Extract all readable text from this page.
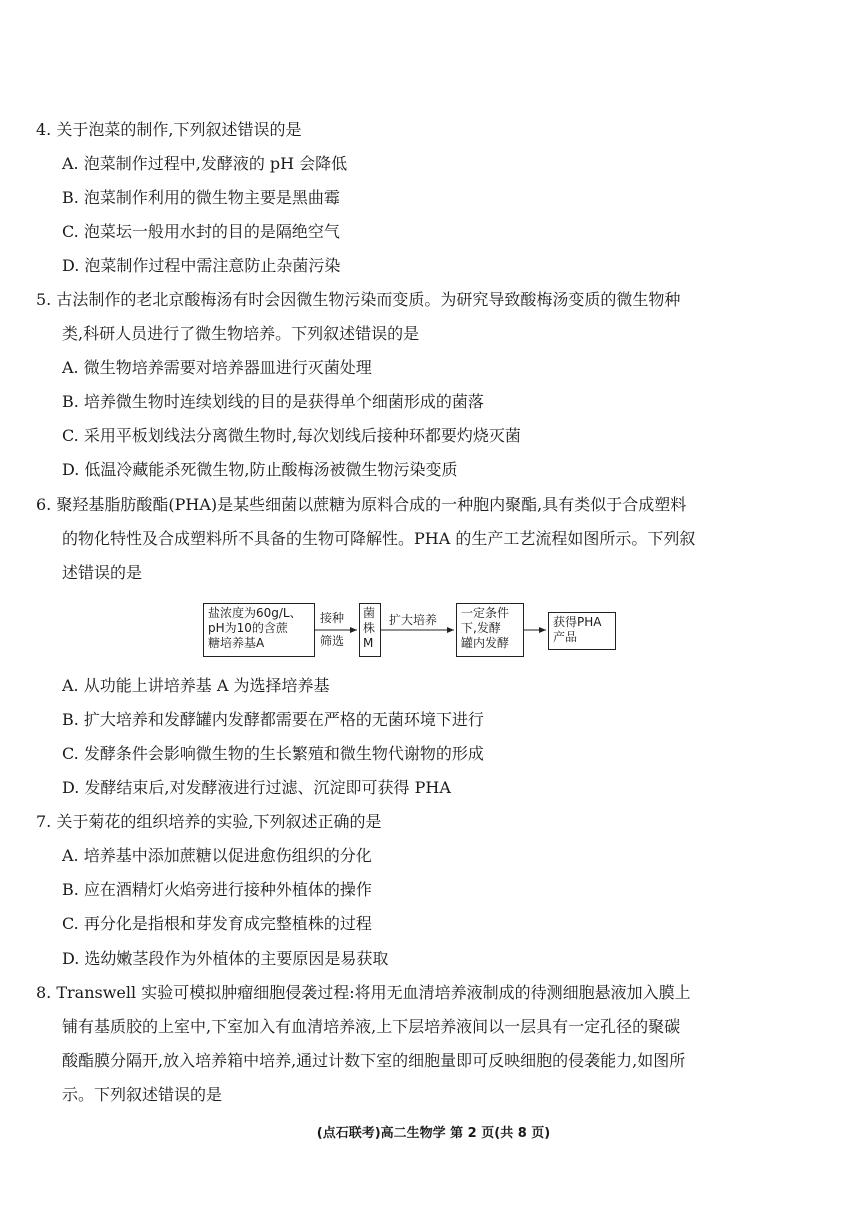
4. 关于泡菜的制作,下列叙述错误的是
A. 泡菜制作过程中,发酵液的 pH 会降低
B. 泡菜制作利用的微生物主要是黑曲霉
C. 泡菜坛一般用水封的目的是隔绝空气
D. 泡菜制作过程中需注意防止杂菌污染
5. 古法制作的老北京酸梅汤有时会因微生物污染而变质。为研究导致酸梅汤变质的微生物种
类,科研人员进行了微生物培养。下列叙述错误的是
A. 微生物培养需要对培养器皿进行灭菌处理
B. 培养微生物时连续划线的目的是获得单个细菌形成的菌落
C. 采用平板划线法分离微生物时,每次划线后接种环都要灼烧灭菌
D. 低温冷藏能杀死微生物,防止酸梅汤被微生物污染变质
6. 聚羟基脂肪酸酯(PHA)是某些细菌以蔗糖为原料合成的一种胞内聚酯,具有类似于合成塑料
的物化特性及合成塑料所不具备的生物可降解性。PHA 的生产工艺流程如图所示。下列叙
述错误的是
盐浓度为60g/L、
pH为10的含蔗
糖培养基A
接种
筛选
菌
株
M
扩大培养 一定条件
下,发酵
罐内发酵
获得PHA
产品
A. 从功能上讲培养基 A 为选择培养基
B. 扩大培养和发酵罐内发酵都需要在严格的无菌环境下进行
C. 发酵条件会影响微生物的生长繁殖和微生物代谢物的形成
D. 发酵结束后,对发酵液进行过滤、沉淀即可获得 PHA
7. 关于菊花的组织培养的实验,下列叙述正确的是
A. 培养基中添加蔗糖以促进愈伤组织的分化
B. 应在酒精灯火焰旁进行接种外植体的操作
C. 再分化是指根和芽发育成完整植株的过程
D. 选幼嫩茎段作为外植体的主要原因是易获取
8. Transwell 实验可模拟肿瘤细胞侵袭过程:将用无血清培养液制成的待测细胞悬液加入膜上
铺有基质胶的上室中,下室加入有血清培养液,上下层培养液间以一层具有一定孔径的聚碳
酸酯膜分隔开,放入培养箱中培养,通过计数下室的细胞量即可反映细胞的侵袭能力,如图所
示。下列叙述错误的是
(点石联考)高二生物学 第 2 页(共 8 页)
